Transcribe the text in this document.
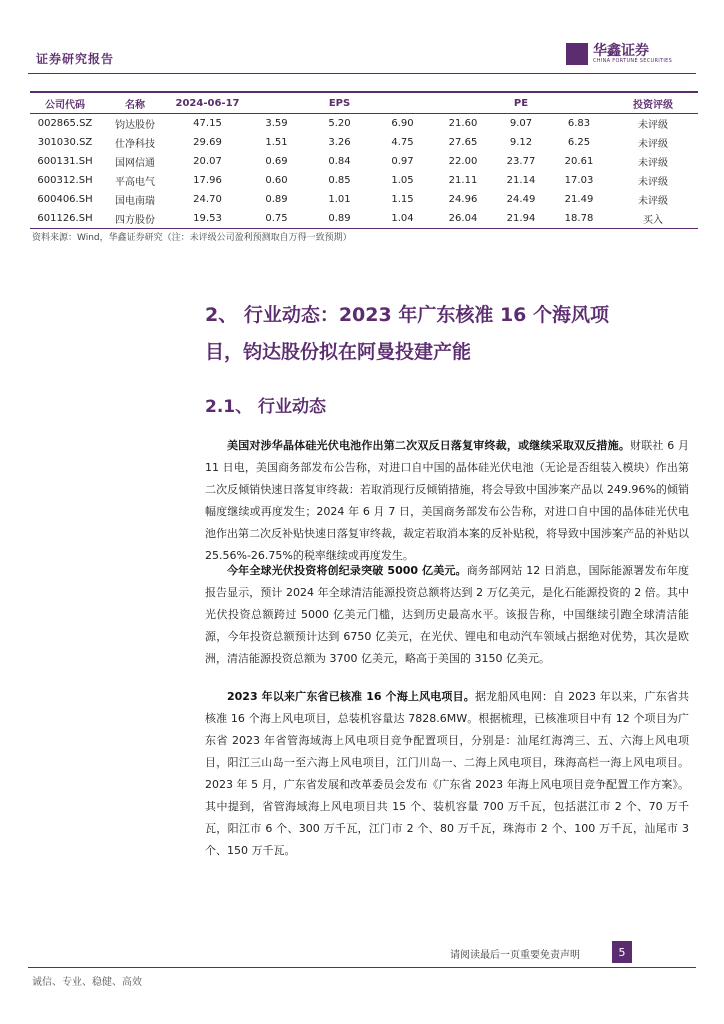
证券研究报告
华鑫证券
CHINA FORTUNE SECURITIES
公司代码	名称	2024-06-17	EPS			PE			投资评级
002865.SZ	钧达股份	47.15	3.59	5.20	6.90	21.60	9.07	6.83	未评级
301030.SZ	仕净科技	29.69	1.51	3.26	4.75	27.65	9.12	6.25	未评级
600131.SH	国网信通	20.07	0.69	0.84	0.97	22.00	23.77	20.61	未评级
600312.SH	平高电气	17.96	0.60	0.85	1.05	21.11	21.14	17.03	未评级
600406.SH	国电南瑞	24.70	0.89	1.01	1.15	24.96	24.49	21.49	未评级
601126.SH	四方股份	19.53	0.75	0.89	1.04	26.04	21.94	18.78	买入
资料来源：Wind，华鑫证券研究（注：未评级公司盈利预测取自万得一致预期）
2、 行业动态：2023 年广东核准 16 个海风项
目，钧达股份拟在阿曼投建产能
2.1、 行业动态
美国对涉华晶体硅光伏电池作出第二次双反日落复审终裁，或继续采取双反措施。财联社 6 月 11 日电，美国商务部发布公告称，对进口自中国的晶体硅光伏电池（无论是否组装入模块）作出第二次反倾销快速日落复审终裁：若取消现行反倾销措施，将会导致中国涉案产品以 249.96%的倾销幅度继续或再度发生；2024 年 6 月 7 日，美国商务部发布公告称，对进口自中国的晶体硅光伏电池作出第二次反补贴快速日落复审终裁，裁定若取消本案的反补贴税，将导致中国涉案产品的补贴以 25.56%-26.75%的税率继续或再度发生。
今年全球光伏投资将创纪录突破 5000 亿美元。商务部网站 12 日消息，国际能源署发布年度报告显示，预计 2024 年全球清洁能源投资总额将达到 2 万亿美元，是化石能源投资的 2 倍。其中光伏投资总额跨过 5000 亿美元门槛，达到历史最高水平。该报告称，中国继续引跑全球清洁能源，今年投资总额预计达到 6750 亿美元，在光伏、锂电和电动汽车领域占据绝对优势，其次是欧洲，清洁能源投资总额为 3700 亿美元，略高于美国的 3150 亿美元。
2023 年以来广东省已核准 16 个海上风电项目。据龙船风电网：自 2023 年以来，广东省共核准 16 个海上风电项目，总装机容量达 7828.6MW。根据梳理，已核准项目中有 12 个项目为广东省 2023 年省管海域海上风电项目竞争配置项目，分别是：汕尾红海湾三、五、六海上风电项目，阳江三山岛一至六海上风电项目，江门川岛一、二海上风电项目，珠海高栏一海上风电项目。2023 年 5 月，广东省发展和改革委员会发布《广东省 2023 年海上风电项目竞争配置工作方案》。其中提到，省管海域海上风电项目共 15 个、装机容量 700 万千瓦，包括湛江市 2 个、70 万千瓦，阳江市 6 个、300 万千瓦，江门市 2 个、80 万千瓦，珠海市 2 个、100 万千瓦，汕尾市 3 个、150 万千瓦。
请阅读最后一页重要免责声明	5
诚信、专业、稳健、高效
